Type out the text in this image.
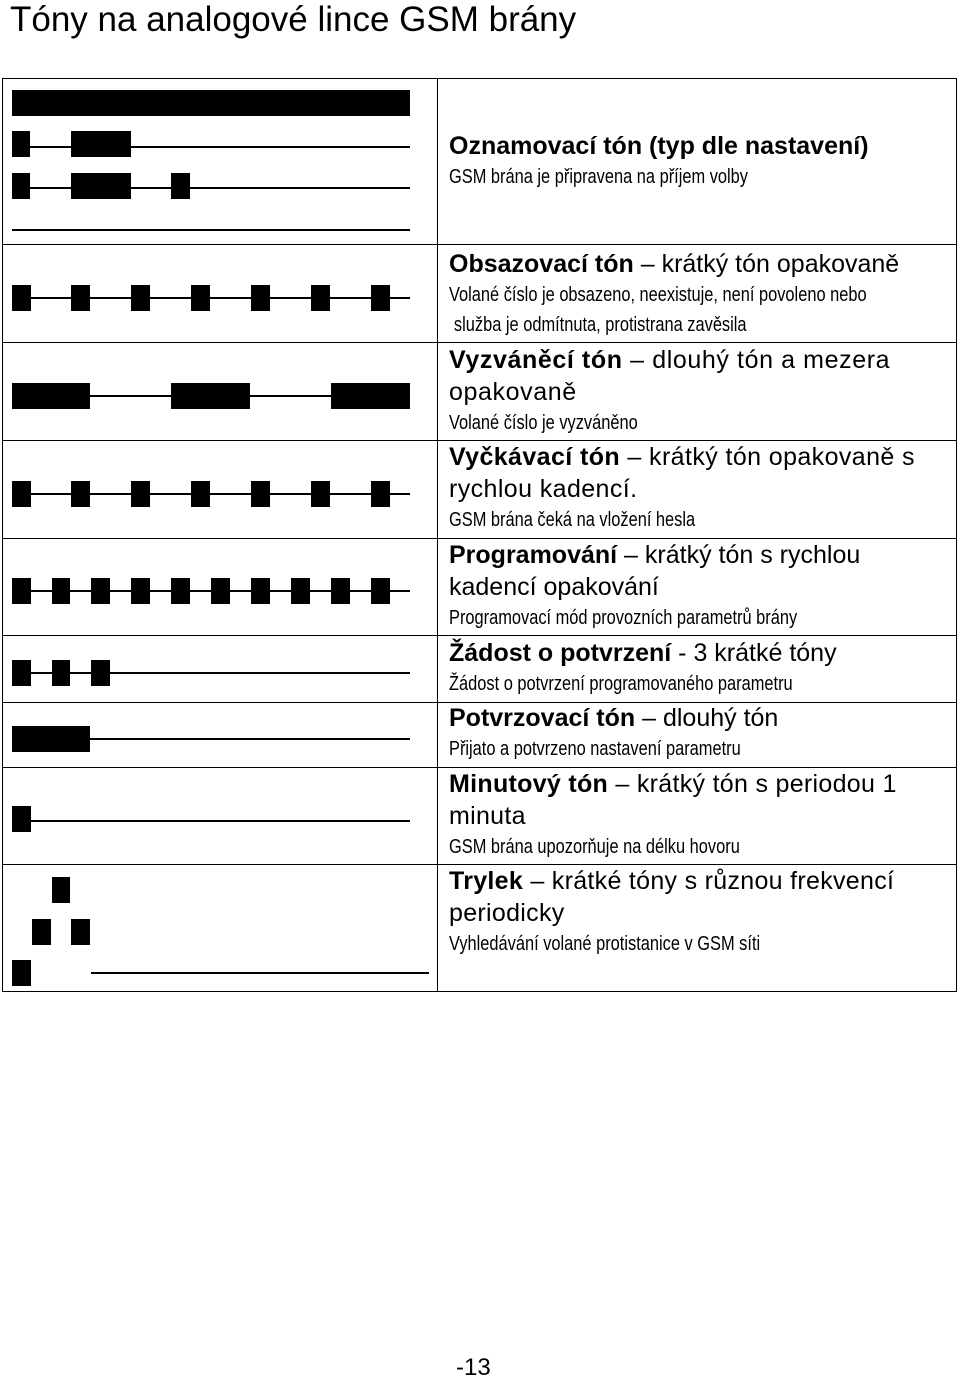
Tóny na analogové lince GSM brány
Oznamovací tón (typ dle nastavení)
GSM brána je připravena na příjem volby
Obsazovací tón – krátký tón opakovaně
Volané číslo je obsazeno, neexistuje, není povoleno nebo
služba je odmítnuta, protistrana zavěsila
Vyzváněcí tón – dlouhý tón a mezera opakovaně
Volané číslo je vyzváněno
Vyčkávací tón – krátký tón opakovaně s rychlou kadencí.
GSM brána čeká na vložení hesla
Programování – krátký tón s rychlou kadencí opakování
Programovací mód provozních parametrů brány
Žádost o potvrzení - 3 krátké tóny
Žádost o potvrzení programovaného parametru
Potvrzovací tón – dlouhý tón
Přijato a potvrzeno nastavení parametru
Minutový tón – krátký tón s periodou 1 minuta
GSM brána upozorňuje na délku hovoru
Trylek – krátké tóny s různou frekvencí periodicky
Vyhledávání volané protistanice v GSM síti
-13
